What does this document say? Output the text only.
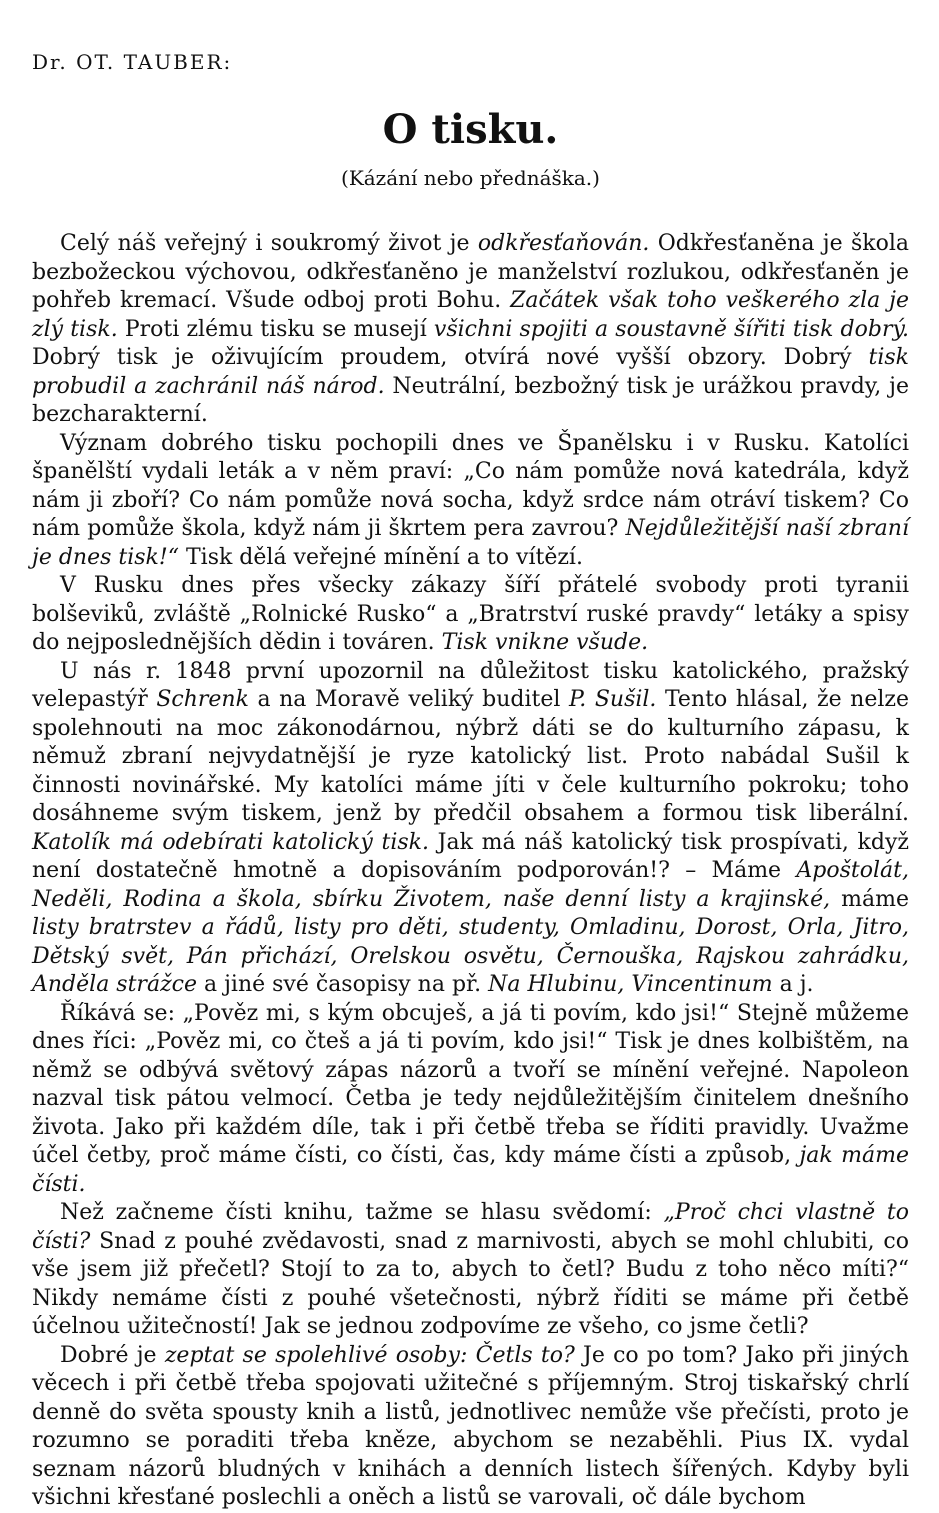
Dr. OT. TAUBER:
O tisku.
(Kázání nebo přednáška.)

Celý náš veřejný i soukromý život je odkřesťaňován. Odkřesťaněna je škola bezbožeckou výchovou, odkřesťaněno je manželství rozlukou, odkřesťaněn je pohřeb kremací. Všude odboj proti Bohu. Začátek však toho veškerého zla je zlý tisk. Proti zlému tisku se musejí všichni spojiti a soustavně šířiti tisk dobrý. Dobrý tisk je oživujícím proudem, otvírá nové vyšší obzory. Dobrý tisk probudil a zachránil náš národ. Neutrální, bezbožný tisk je urážkou pravdy, je bezcharakterní.

Význam dobrého tisku pochopili dnes ve Španělsku i v Rusku. Katolíci španělští vydali leták a v něm praví: „Co nám pomůže nová katedrála, když nám ji zboří? Co nám pomůže nová socha, když srdce nám otráví tiskem? Co nám pomůže škola, když nám ji škrtem pera zavrou? Nejdůležitější naší zbraní je dnes tisk!“ Tisk dělá veřejné mínění a to vítězí.

V Rusku dnes přes všecky zákazy šíří přátelé svobody proti tyranii bolševiků, zvláště „Rolnické Rusko“ a „Bratrství ruské pravdy“ letáky a spisy do nejposlednějších dědin i továren. Tisk vnikne všude.

U nás r. 1848 první upozornil na důležitost tisku katolického, pražský velepastýř Schrenk a na Moravě veliký buditel P. Sušil. Tento hlásal, že nelze spolehnouti na moc zákonodárnou, nýbrž dáti se do kulturního zápasu, k němuž zbraní nejvydatnější je ryze katolický list. Proto nabádal Sušil k činnosti novinářské. My katolíci máme jíti v čele kulturního pokroku; toho dosáhneme svým tiskem, jenž by předčil obsahem a formou tisk liberální. Katolík má odebírati katolický tisk. Jak má náš katolický tisk prospívati, když není dostatečně hmotně a dopisováním podporován!? – Máme Apoštolát, Neděli, Rodina a škola, sbírku Životem, naše denní listy a krajinské, máme listy bratrstev a řádů, listy pro děti, studenty, Omladinu, Dorost, Orla, Jitro, Dětský svět, Pán přichází, Orelskou osvětu, Černouška, Rajskou zahrádku, Anděla strážce a jiné své časopisy na př. Na Hlubinu, Vincentinum a j.

Říkává se: „Pověz mi, s kým obcuješ, a já ti povím, kdo jsi!“ Stejně můžeme dnes říci: „Pověz mi, co čteš a já ti povím, kdo jsi!“ Tisk je dnes kolbištěm, na němž se odbývá světový zápas názorů a tvoří se mínění veřejné. Napoleon nazval tisk pátou velmocí. Četba je tedy nejdůležitějším činitelem dnešního života. Jako při každém díle, tak i při četbě třeba se říditi pravidly. Uvažme účel četby, proč máme čísti, co čísti, čas, kdy máme čísti a způsob, jak máme čísti.

Než začneme čísti knihu, tažme se hlasu svědomí: „Proč chci vlastně to čísti? Snad z pouhé zvědavosti, snad z marnivosti, abych se mohl chlubiti, co vše jsem již přečetl? Stojí to za to, abych to četl? Budu z toho něco míti?“ Nikdy nemáme čísti z pouhé všetečnosti, nýbrž říditi se máme při četbě účelnou užitečností! Jak se jednou zodpovíme ze všeho, co jsme četli?

Dobré je zeptat se spolehlivé osoby: Četls to? Je co po tom? Jako při jiných věcech i při četbě třeba spojovati užitečné s příjemným. Stroj tiskařský chrlí denně do světa spousty knih a listů, jednotlivec nemůže vše přečísti, proto je rozumno se poraditi třeba kněze, abychom se nezaběhli. Pius IX. vydal seznam názorů bludných v knihách a denních listech šířených. Kdyby byli všichni křesťané poslechli a oněch a listů se varovali, oč dále bychom
